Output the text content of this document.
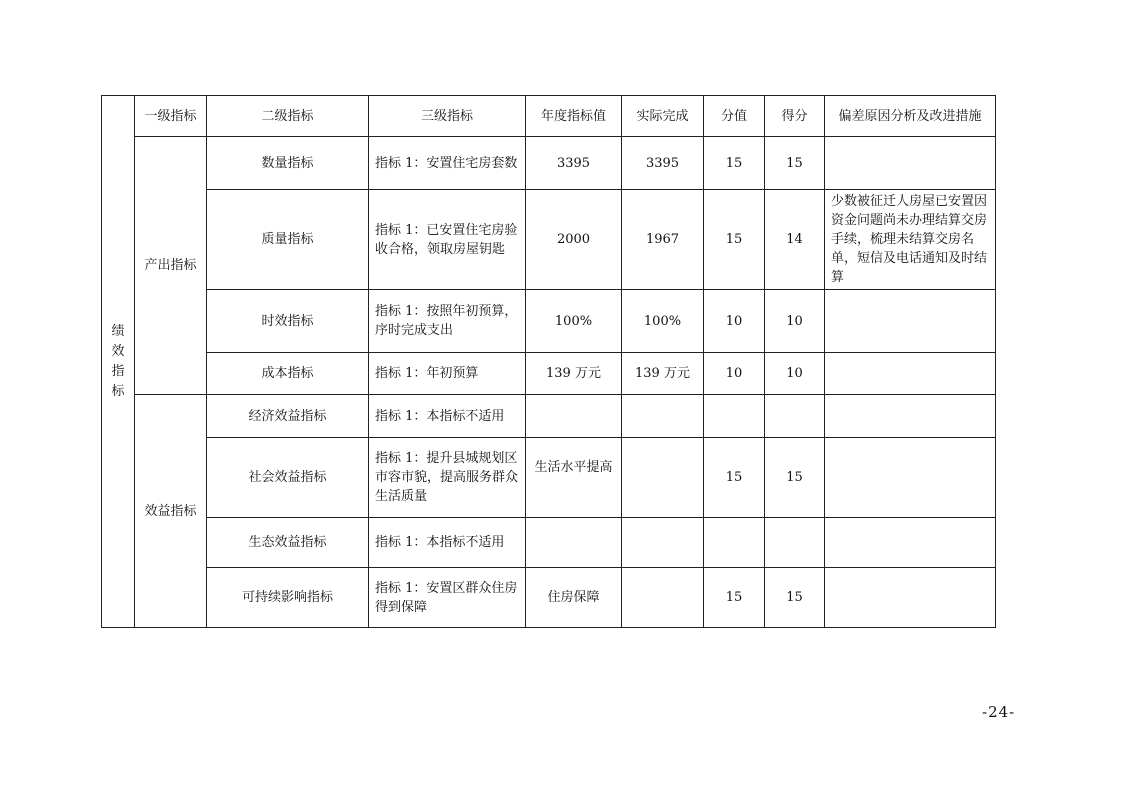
绩效指标	一级指标	二级指标	三级指标	年度指标值	实际完成	分值	得分	偏差原因分析及改进措施
	产出指标	数量指标	指标 1：安置住宅房套数	3395	3395	15	15	
		质量指标	指标 1：已安置住宅房验收合格，领取房屋钥匙	2000	1967	15	14	少数被征迁人房屋已安置因资金问题尚未办理结算交房手续，梳理未结算交房名单，短信及电话通知及时结算
		时效指标	指标 1：按照年初预算，序时完成支出	100%	100%	10	10	
		成本指标	指标 1：年初预算	139 万元	139 万元	10	10	
	效益指标	经济效益指标	指标 1：本指标不适用					
		社会效益指标	指标 1：提升县城规划区市容市貌，提高服务群众生活质量	生活水平提高		15	15	
		生态效益指标	指标 1：本指标不适用					
		可持续影响指标	指标 1：安置区群众住房得到保障	住房保障		15	15	
-24-
